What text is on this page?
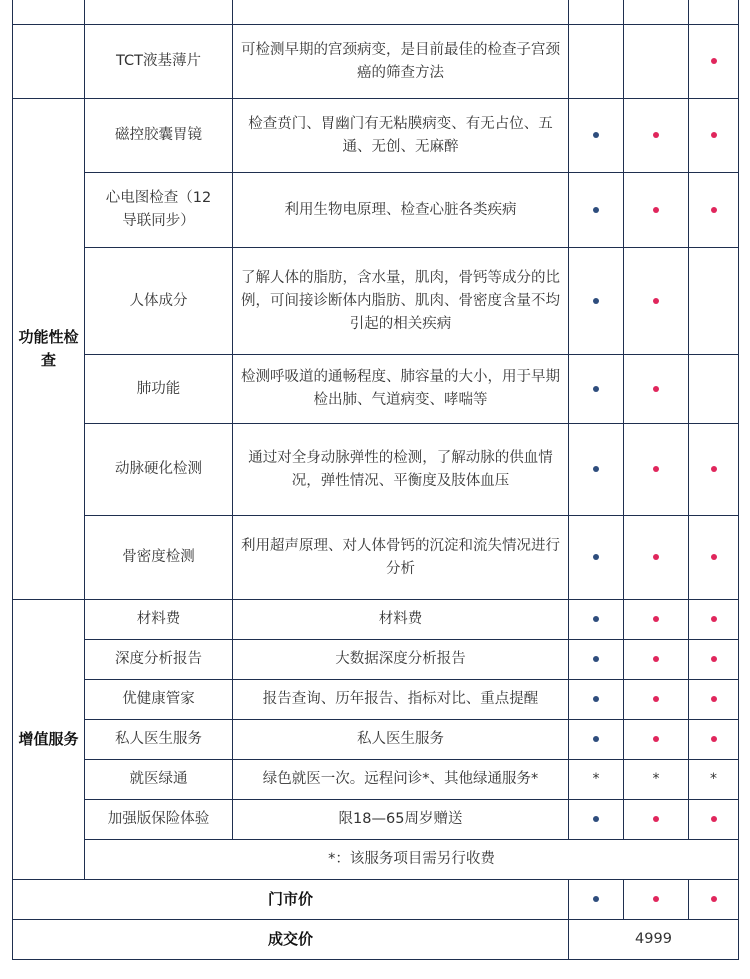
	TCT液基薄片	可检测早期的宫颈病变，是目前最佳的检查子宫颈癌的筛查方法			
功能性检查	磁控胶囊胃镜	检查贲门、胃幽门有无粘膜病变、有无占位、五通、无创、无麻醉			
	心电图检查（12导联同步）	利用生物电原理、检查心脏各类疾病			
	人体成分	了解人体的脂肪，含水量，肌肉，骨钙等成分的比例，可间接诊断体内脂肪、肌肉、骨密度含量不均引起的相关疾病			
	肺功能	检测呼吸道的通畅程度、肺容量的大小，用于早期检出肺、气道病变、哮喘等			
	动脉硬化检测	通过对全身动脉弹性的检测，了解动脉的供血情况，弹性情况、平衡度及肢体血压			
	骨密度检测	利用超声原理、对人体骨钙的沉淀和流失情况进行分析			
增值服务	材料费	材料费			
	深度分析报告	大数据深度分析报告			
	优健康管家	报告查询、历年报告、指标对比、重点提醒			
	私人医生服务	私人医生服务			
	就医绿通	绿色就医一次。远程问诊*、其他绿通服务*	*	*	*
	加强版保险体验	限18—65周岁赠送			
	*：该服务项目需另行收费				
门市价					
成交价			4999		
